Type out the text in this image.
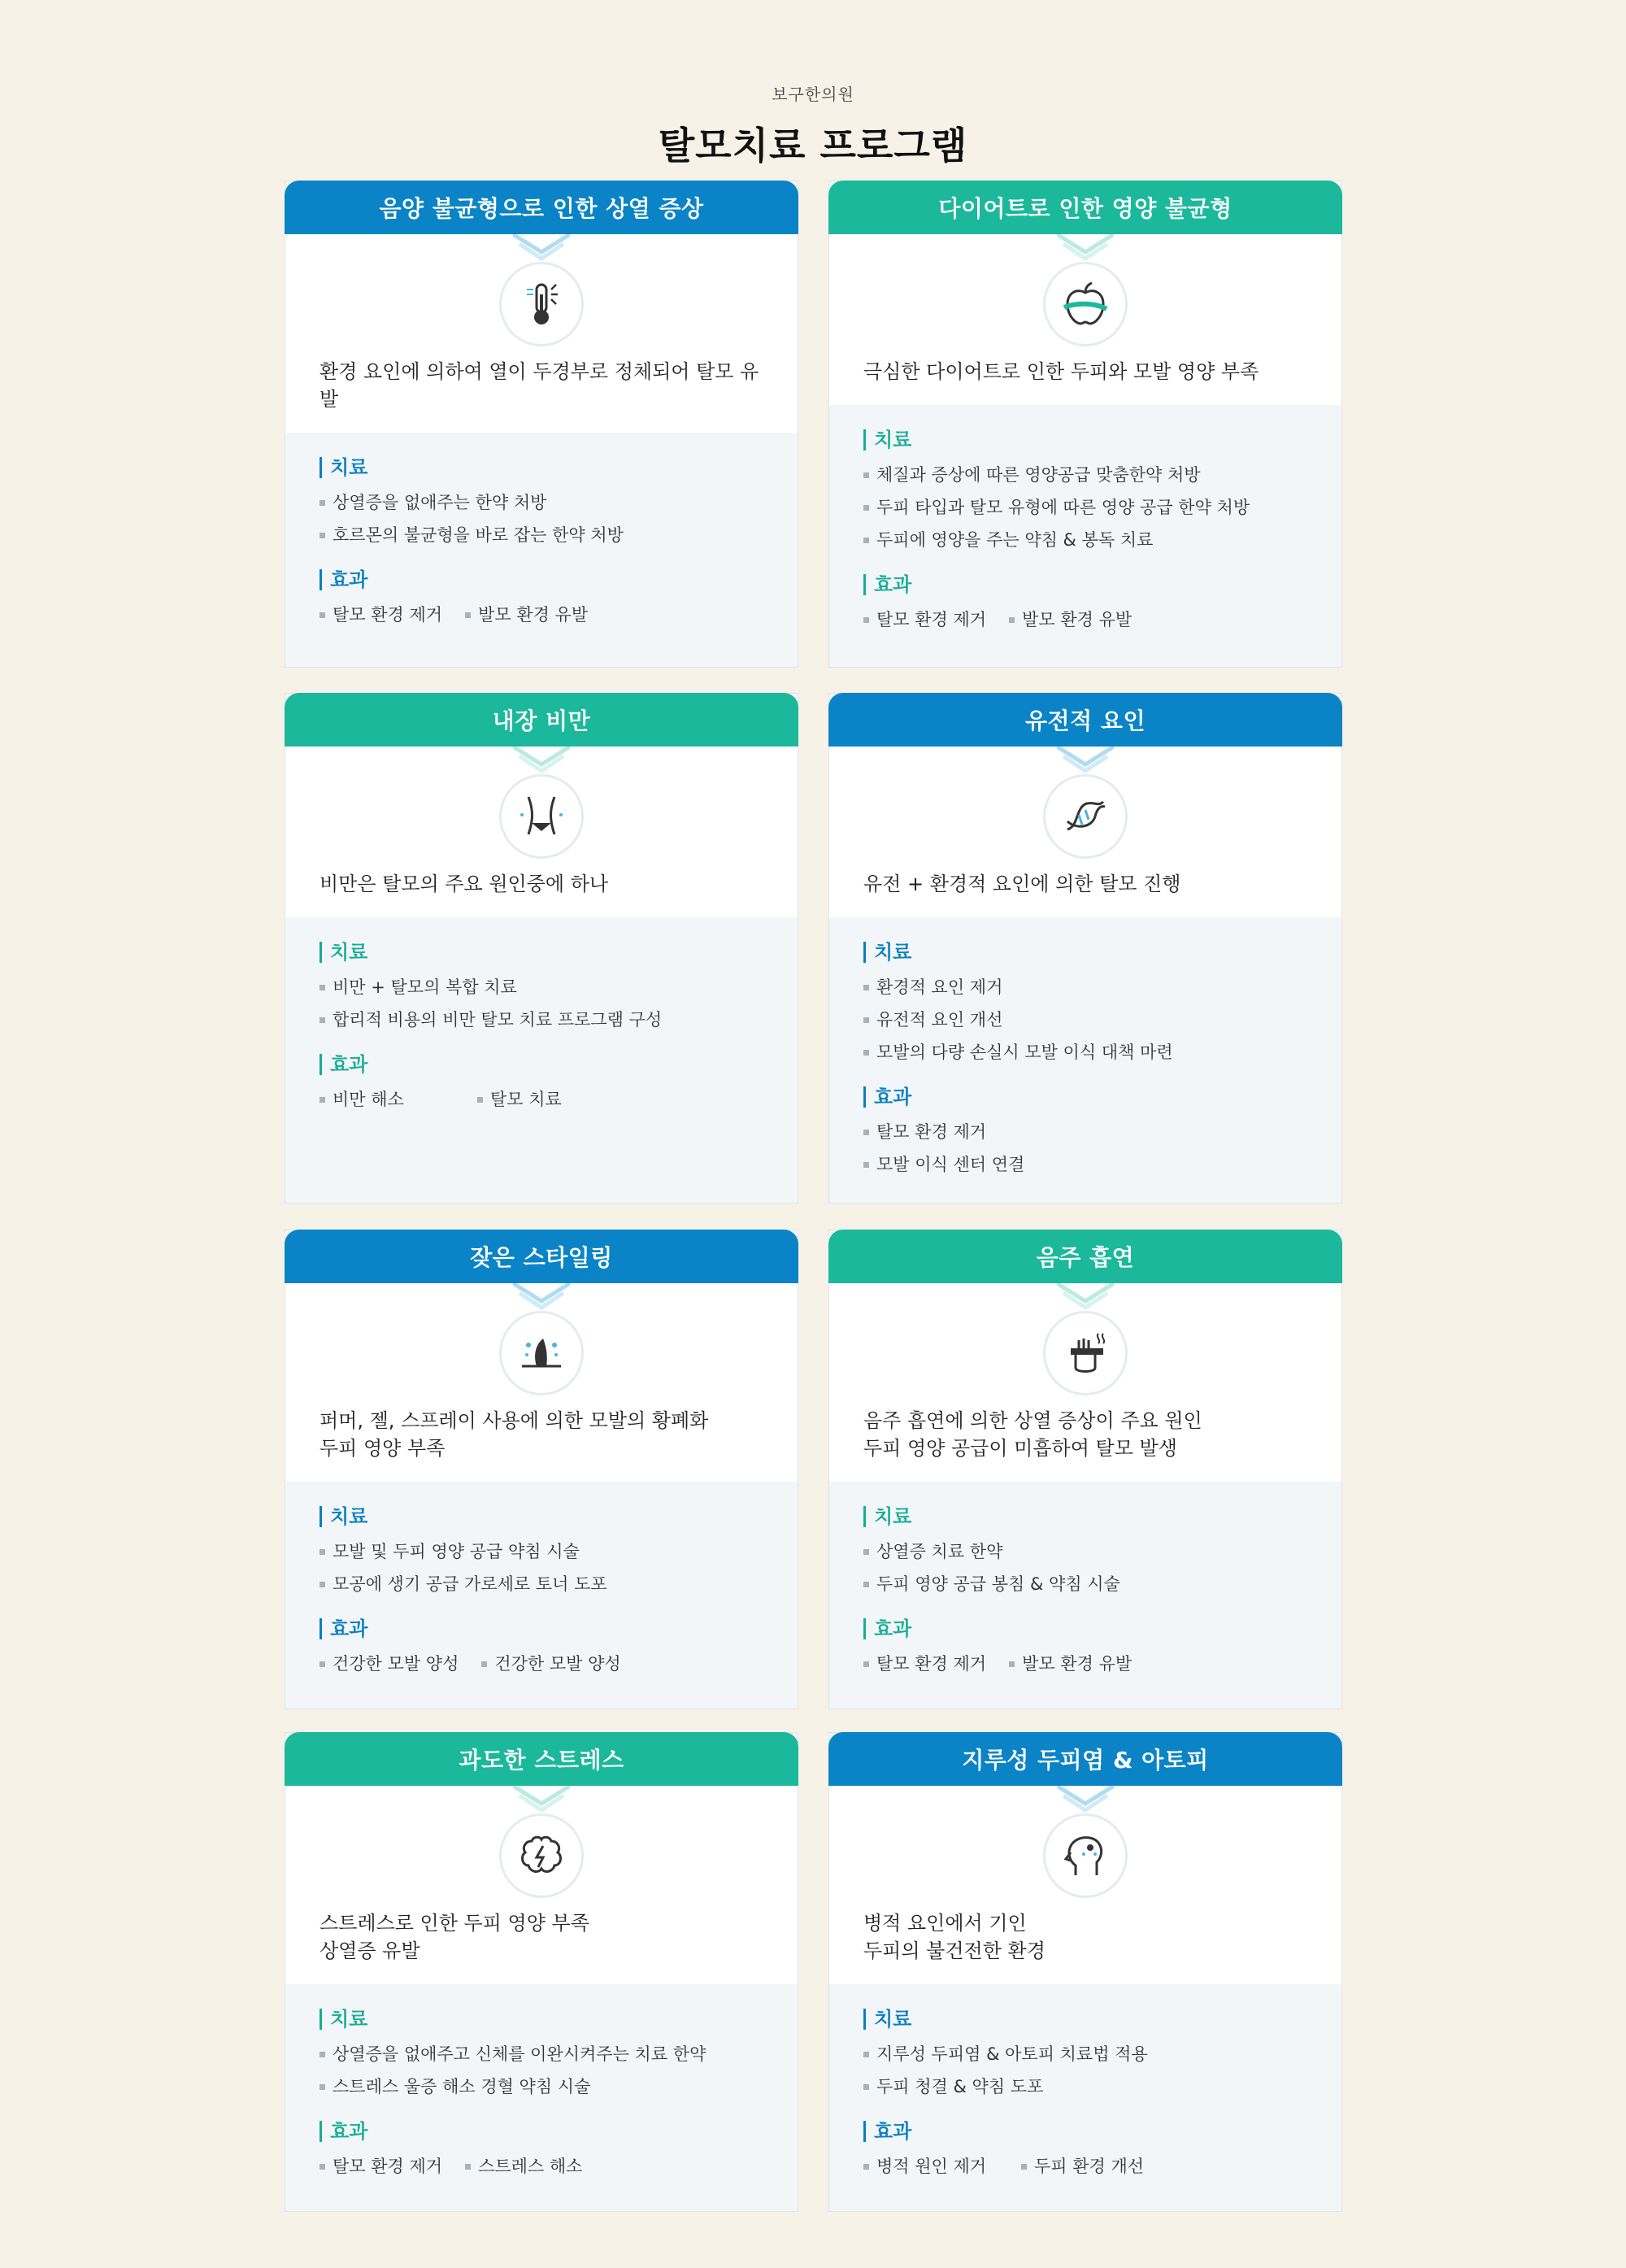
보구한의원
탈모치료 프로그램
음양 불균형으로 인한 상열 증상
환경 요인에 의하여 열이 두경부로 정체되어 탈모 유발
치료
상열증을 없애주는 한약 처방
호르몬의 불균형을 바로 잡는 한약 처방
효과
탈모 환경 제거	발모 환경 유발
다이어트로 인한 영양 불균형
극심한 다이어트로 인한 두피와 모발 영양 부족
치료
체질과 증상에 따른 영양공급 맞춤한약 처방
두피 타입과 탈모 유형에 따른 영양 공급 한약 처방
두피에 영양을 주는 약침 & 봉독 치료
효과
탈모 환경 제거	발모 환경 유발
내장 비만
비만은 탈모의 주요 원인중에 하나
치료
비만 + 탈모의 복합 치료
합리적 비용의 비만 탈모 치료 프로그램 구성
효과
비만 해소	탈모 치료
유전적 요인
유전 + 환경적 요인에 의한 탈모 진행
치료
환경적 요인 제거
유전적 요인 개선
모발의 다량 손실시 모발 이식 대책 마련
효과
탈모 환경 제거
모발 이식 센터 연결
잦은 스타일링
퍼머, 젤, 스프레이 사용에 의한 모발의 황폐화
두피 영양 부족
치료
모발 및 두피 영양 공급 약침 시술
모공에 생기 공급 가로세로 토너 도포
효과
건강한 모발 양성	건강한 모발 양성
음주 흡연
음주 흡연에 의한 상열 증상이 주요 원인
두피 영양 공급이 미흡하여 탈모 발생
치료
상열증 치료 한약
두피 영양 공급 봉침 & 약침 시술
효과
탈모 환경 제거	발모 환경 유발
과도한 스트레스
스트레스로 인한 두피 영양 부족
상열증 유발
치료
상열증을 없애주고 신체를 이완시켜주는 치료 한약
스트레스 울증 해소 경혈 약침 시술
효과
탈모 환경 제거	스트레스 해소
지루성 두피염 & 아토피
병적 요인에서 기인
두피의 불건전한 환경
치료
지루성 두피염 & 아토피 치료법 적용
두피 청결 & 약침 도포
효과
병적 원인 제거	두피 환경 개선
